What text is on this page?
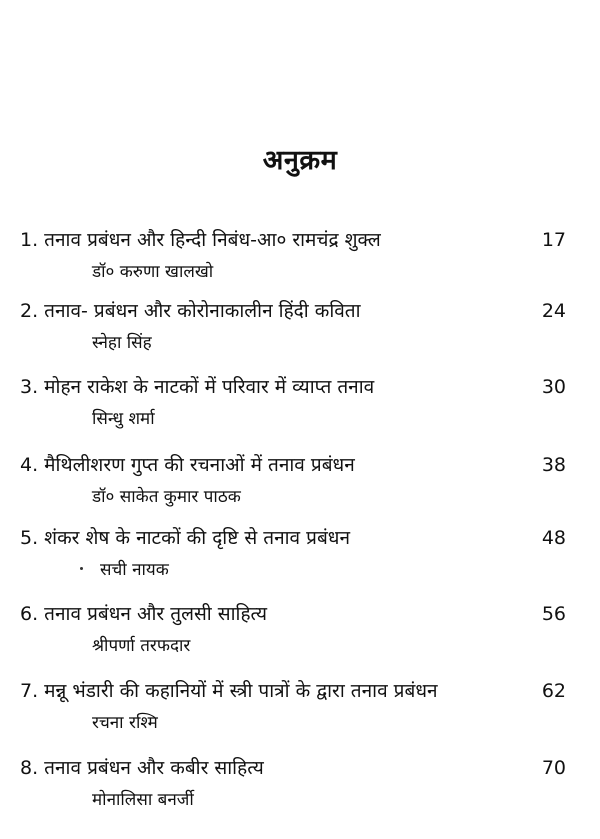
अनुक्रम
1. तनाव प्रबंधन और हिन्दी निबंध-आ० रामचंद्र शुक्ल	17
डॉ० करुणा खालखो
2. तनाव- प्रबंधन और कोरोनाकालीन हिंदी कविता	24
स्नेहा सिंह
3. मोहन राकेश के नाटकों में परिवार में व्याप्त तनाव	30
सिन्धु शर्मा
4. मैथिलीशरण गुप्त की रचनाओं में तनाव प्रबंधन	38
डॉ० साकेत कुमार पाठक
5. शंकर शेष के नाटकों की दृष्टि से तनाव प्रबंधन	48
सची नायक
6. तनाव प्रबंधन और तुलसी साहित्य	56
श्रीपर्णा तरफदार
7. मन्नू भंडारी की कहानियों में स्त्री पात्रों के द्वारा तनाव प्रबंधन	62
रचना रश्मि
8. तनाव प्रबंधन और कबीर साहित्य	70
मोनालिसा बनर्जी
